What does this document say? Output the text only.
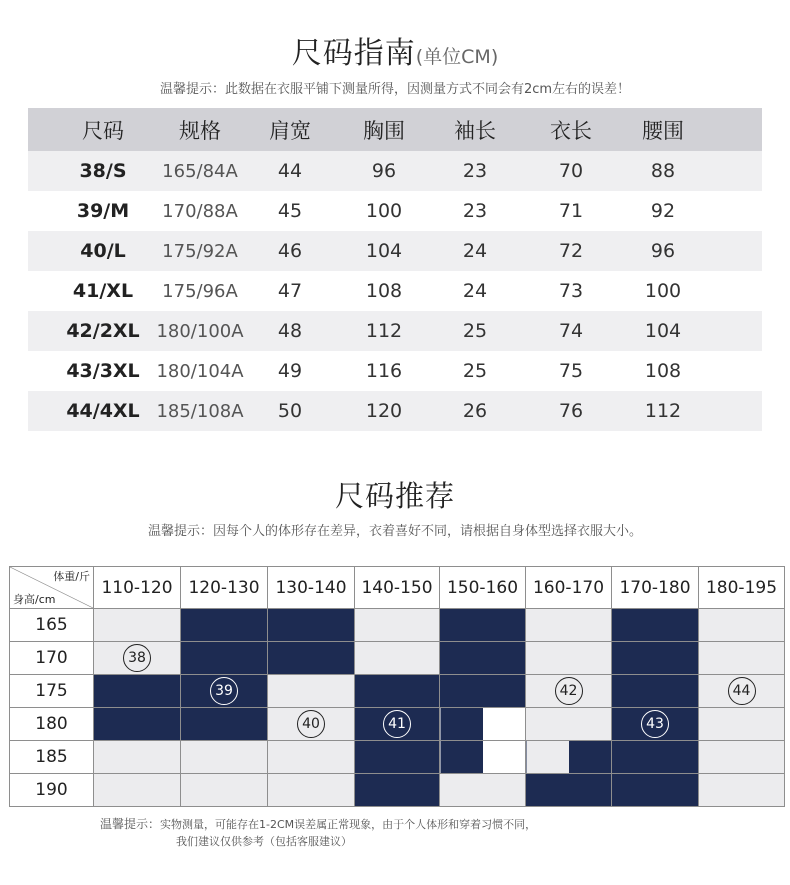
尺码指南(单位CM)
温馨提示：此数据在衣服平铺下测量所得，因测量方式不同会有2cm左右的误差！
尺码	规格	肩宽	胸围	袖长	衣长	腰围
38/S	165/84A	44	96	23	70	88
39/M	170/88A	45	100	23	71	92
40/L	175/92A	46	104	24	72	96
41/XL	175/96A	47	108	24	73	100
42/2XL 180/100A	48	112	25	74	104
43/3XL 180/104A	49	116	25	75	108
44/4XL 185/108A	50	120	26	76	112
尺码推荐
温馨提示：因每个人的体形存在差异，衣着喜好不同，请根据自身体型选择衣服大小。
体重/斤
身高/cm	110-120	120-130	130-140	140-150	150-160	160-170	170-180	180-195
165								
170	38							
175		39				42		44
180			40	41			43	
185								
190								
温馨提示：实物测量，可能存在1-2CM误差属正常现象，由于个人体形和穿着习惯不同，
我们建议仅供参考（包括客服建议）
